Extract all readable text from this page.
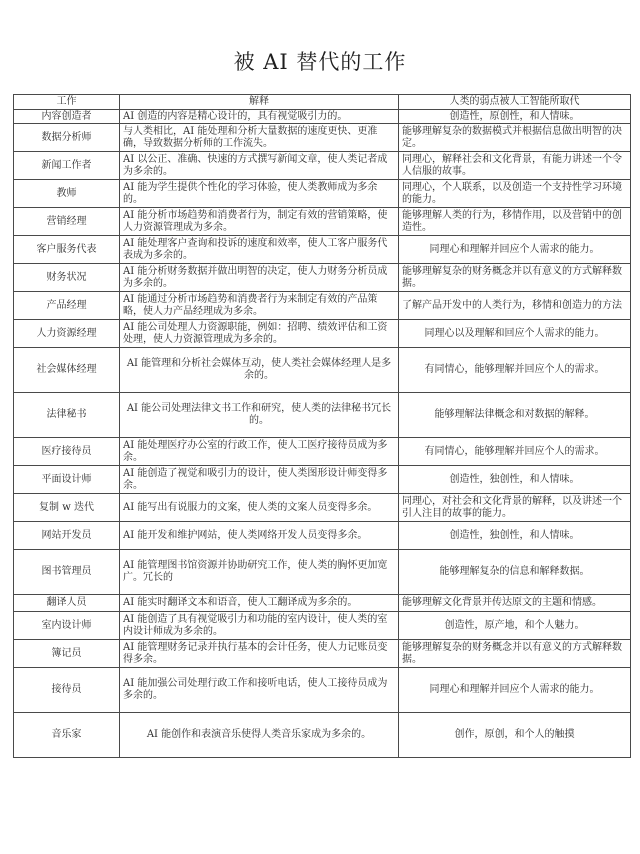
被 AI 替代的工作
工作	解释	人类的弱点被人工智能所取代
内容创造者	AI 创造的内容是精心设计的，具有视觉吸引力的。	创造性，原创性，和人情味。
数据分析师	与人类相比，AI 能处理和分析大量数据的速度更快、更准确，导致数据分析师的工作流失。	能够理解复杂的数据模式并根据信息做出明智的决定。
新闻工作者	AI 以公正、准确、快速的方式撰写新闻文章，使人类记者成为多余的。	同理心，解释社会和文化背景，有能力讲述一个令人信服的故事。
教师	AI 能为学生提供个性化的学习体验，使人类教师成为多余的。	同理心，个人联系，以及创造一个支持性学习环境的能力。
营销经理	AI 能分析市场趋势和消费者行为，制定有效的营销策略，使人力资源管理成为多余。	能够理解人类的行为，移情作用，以及营销中的创造性。
客户服务代表	AI 能处理客户查询和投诉的速度和效率，使人工客户服务代表成为多余的。	同理心和理解并回应个人需求的能力。
财务状况	AI 能分析财务数据并做出明智的决定，使人力财务分析员成为多余的。	能够理解复杂的财务概念并以有意义的方式解释数据。
产品经理	AI 能通过分析市场趋势和消费者行为来制定有效的产品策略，使人力产品经理成为多余。	了解产品开发中的人类行为，移情和创造力的方法
人力资源经理	AI 能公司处理人力资源职能，例如：招聘、绩效评估和工资处理，使人力资源管理成为多余的。	同理心以及理解和回应个人需求的能力。
社会媒体经理	AI 能管理和分析社会媒体互动，使人类社会媒体经理人是多余的。	有同情心，能够理解并回应个人的需求。
法律秘书	AI 能公司处理法律文书工作和研究，使人类的法律秘书冗长的。	能够理解法律概念和对数据的解释。
医疗接待员	AI 能处理医疗办公室的行政工作，使人工医疗接待员成为多余。	有同情心，能够理解并回应个人的需求。
平面设计师	AI 能创造了视觉和吸引力的设计，使人类图形设计师变得多余。	创造性，独创性，和人情味。
复制 w 迭代	AI 能写出有说服力的文案，使人类的文案人员变得多余。	同理心，对社会和文化背景的解释，以及讲述一个引人注目的故事的能力。
网站开发员	AI 能开发和维护网站，使人类网络开发人员变得多余。	创造性，独创性，和人情味。
图书管理员	AI 能管理图书馆资源并协助研究工作，使人类的胸怀更加宽广。冗长的	能够理解复杂的信息和解释数据。
翻译人员	AI 能实时翻译文本和语音，使人工翻译成为多余的。	能够理解文化背景并传达原文的主题和情感。
室内设计师	AI 能创造了具有视觉吸引力和功能的室内设计，使人类的室内设计师成为多余的。	创造性，原产地，和个人魅力。
簿记员	AI 能管理财务记录并执行基本的会计任务，使人力记账员变得多余。	能够理解复杂的财务概念并以有意义的方式解释数据。
接待员	AI 能加强公司处理行政工作和接听电话，使人工接待员成为多余的。	同理心和理解并回应个人需求的能力。
音乐家	AI 能创作和表演音乐使得人类音乐家成为多余的。	创作，原创，和个人的触摸
